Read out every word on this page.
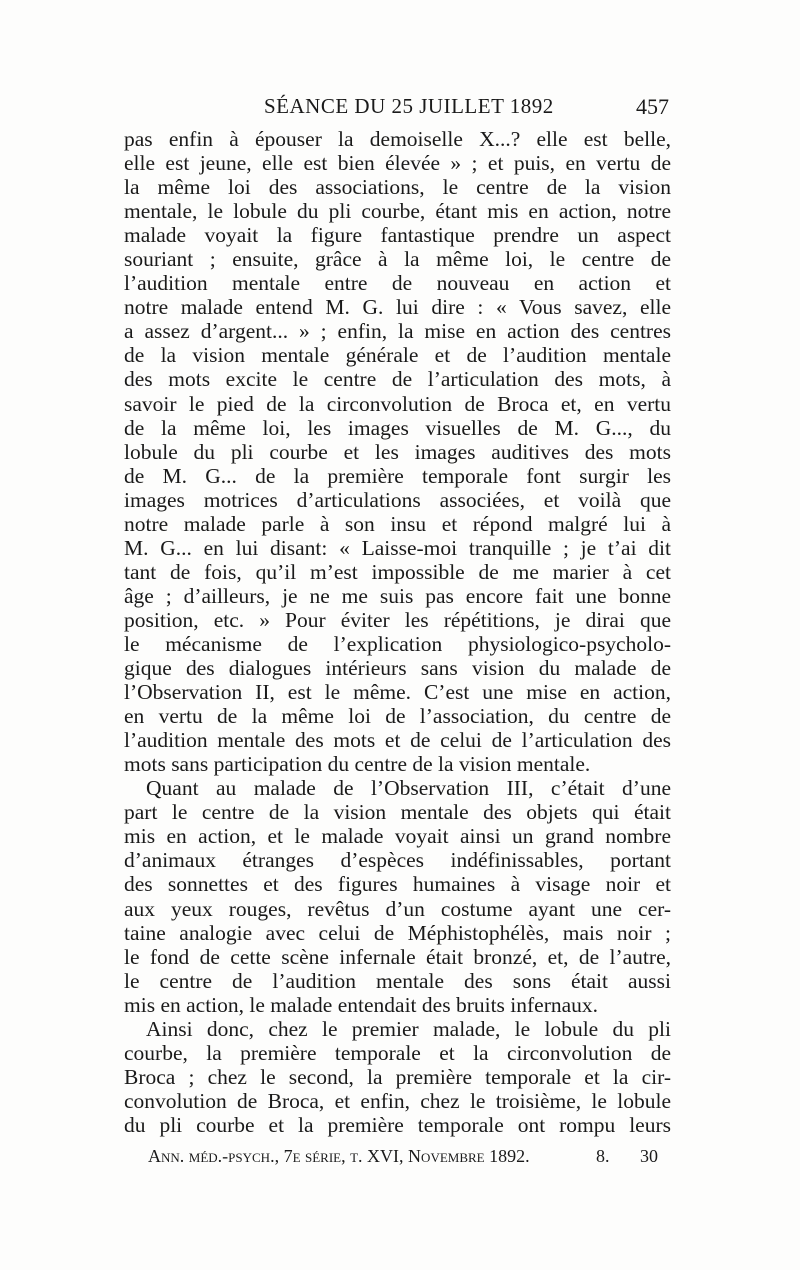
SÉANCE DU 25 JUILLET 1892	457
pas enfin à épouser la demoiselle X...? elle est belle,
elle est jeune, elle est bien élevée » ; et puis, en vertu de
la même loi des associations, le centre de la vision
mentale, le lobule du pli courbe, étant mis en action, notre
malade voyait la figure fantastique prendre un aspect
souriant ; ensuite, grâce à la même loi, le centre de
l’audition mentale entre de nouveau en action et
notre malade entend M. G. lui dire : « Vous savez, elle
a assez d’argent... » ; enfin, la mise en action des centres
de la vision mentale générale et de l’audition mentale
des mots excite le centre de l’articulation des mots, à
savoir le pied de la circonvolution de Broca et, en vertu
de la même loi, les images visuelles de M. G..., du
lobule du pli courbe et les images auditives des mots
de M. G... de la première temporale font surgir les
images motrices d’articulations associées, et voilà que
notre malade parle à son insu et répond malgré lui à
M. G... en lui disant: « Laisse-moi tranquille ; je t’ai dit
tant de fois, qu’il m’est impossible de me marier à cet
âge ; d’ailleurs, je ne me suis pas encore fait une bonne
position, etc. » Pour éviter les répétitions, je dirai que
le mécanisme de l’explication physiologico-psycholo-
gique des dialogues intérieurs sans vision du malade de
l’Observation II, est le même. C’est une mise en action,
en vertu de la même loi de l’association, du centre de
l’audition mentale des mots et de celui de l’articulation des
mots sans participation du centre de la vision mentale.
Quant au malade de l’Observation III, c’était d’une
part le centre de la vision mentale des objets qui était
mis en action, et le malade voyait ainsi un grand nombre
d’animaux étranges d’espèces indéfinissables, portant
des sonnettes et des figures humaines à visage noir et
aux yeux rouges, revêtus d’un costume ayant une cer-
taine analogie avec celui de Méphistophélès, mais noir ;
le fond de cette scène infernale était bronzé, et, de l’autre,
le centre de l’audition mentale des sons était aussi
mis en action, le malade entendait des bruits infernaux.
Ainsi donc, chez le premier malade, le lobule du pli
courbe, la première temporale et la circonvolution de
Broca ; chez le second, la première temporale et la cir-
convolution de Broca, et enfin, chez le troisième, le lobule
du pli courbe et la première temporale ont rompu leurs
Ann. méd.-psych., 7e série, t. XVI, Novembre 1892.	8. 30
